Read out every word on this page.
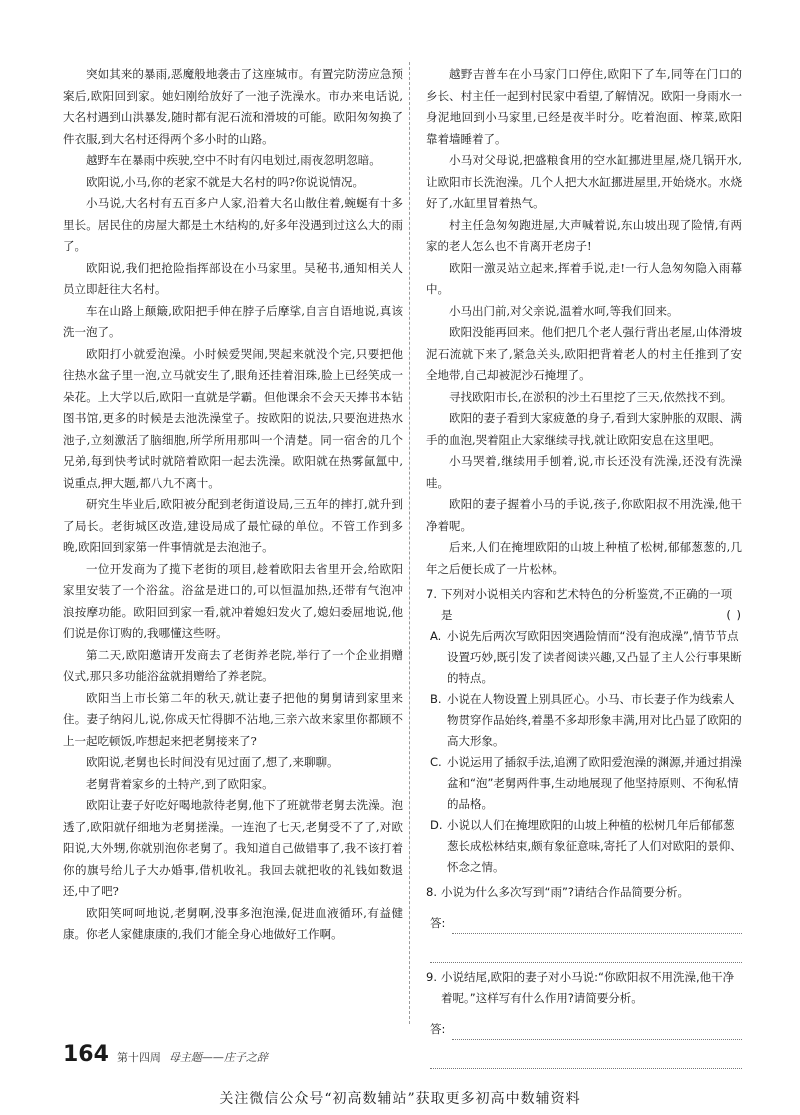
突如其来的暴雨,恶魔般地袭击了这座城市。有置完防涝应急预案后,欧阳回到家。她妇刚给放好了一池子洗澡水。市办来电话说,大名村遇到山洪暴发,随时都有泥石流和滑坡的可能。欧阳匆匆换了件衣服,到大名村还得两个多小时的山路。

越野车在暴雨中疾驶,空中不时有闪电划过,雨夜忽明忽暗。

欧阳说,小马,你的老家不就是大名村的吗?你说说情况。

小马说,大名村有五百多户人家,沿着大名山散住着,蜿蜒有十多里长。居民住的房屋大都是土木结构的,好多年没遇到过这么大的雨了。

欧阳说,我们把抢险指挥部设在小马家里。吴秘书,通知相关人员立即赶往大名村。

车在山路上颠簸,欧阳把手伸在脖子后摩挲,自言自语地说,真该洗一泡了。

欧阳打小就爱泡澡。小时候爱哭闹,哭起来就没个完,只要把他往热水盆子里一泡,立马就安生了,眼角还挂着泪珠,脸上已经笑成一朵花。上大学以后,欧阳一直就是学霸。但他课余不会天天捧书本钻图书馆,更多的时候是去池洗澡堂子。按欧阳的说法,只要泡进热水池子,立刻激活了脑细胞,所学所用那叫一个清楚。同一宿舍的几个兄弟,每到快考试时就陪着欧阳一起去洗澡。欧阳就在热雾氤氲中,说重点,押大题,都八九不离十。

研究生毕业后,欧阳被分配到老街道设局,三五年的摔打,就升到了局长。老街城区改造,建设局成了最忙碌的单位。不管工作到多晚,欧阳回到家第一件事情就是去泡池子。

一位开发商为了揽下老街的项目,趁着欧阳去省里开会,给欧阳家里安装了一个浴盆。浴盆是进口的,可以恒温加热,还带有气泡冲浪按摩功能。欧阳回到家一看,就冲着媳妇发火了,媳妇委屈地说,他们说是你订购的,我哪懂这些呀。

第二天,欧阳邀请开发商去了老街养老院,举行了一个企业捐赠仪式,那只多功能浴盆就捐赠给了养老院。

欧阳当上市长第二年的秋天,就让妻子把他的舅舅请到家里来住。妻子纳闷儿,说,你成天忙得脚不沾地,三亲六故来家里你都顾不上一起吃顿饭,咋想起来把老舅接来了?

欧阳说,老舅也长时间没有见过面了,想了,来聊聊。

老舅背着家乡的土特产,到了欧阳家。

欧阳让妻子好吃好喝地款待老舅,他下了班就带老舅去洗澡。泡透了,欧阳就仔细地为老舅搓澡。一连泡了七天,老舅受不了了,对欧阳说,大外甥,你就别泡你老舅了。我知道自己做错事了,我不该打着你的旗号给儿子大办婚事,借机收礼。我回去就把收的礼钱如数退还,中了吧?

欧阳笑呵呵地说,老舅啊,没事多泡泡澡,促进血液循环,有益健康。你老人家健康康的,我们才能全身心地做好工作啊。

越野吉普车在小马家门口停住,欧阳下了车,同等在门口的乡长、村主任一起到村民家中看望,了解情况。欧阳一身雨水一身泥地回到小马家里,已经是夜半时分。吃着泡面、榨菜,欧阳靠着墙睡着了。

小马对父母说,把盛粮食用的空水缸挪进里屋,烧几锅开水,让欧阳市长洗泡澡。几个人把大水缸挪进屋里,开始烧水。水烧好了,水缸里冒着热气。

村主任急匆匆跑进屋,大声喊着说,东山坡出现了险情,有两家的老人怎么也不肯离开老房子!

欧阳一激灵站立起来,挥着手说,走!一行人急匆匆隐入雨幕中。

小马出门前,对父亲说,温着水呵,等我们回来。

欧阳没能再回来。他们把几个老人强行背出老屋,山体滑坡泥石流就下来了,紧急关头,欧阳把背着老人的村主任推到了安全地带,自己却被泥沙石掩埋了。

寻找欧阳市长,在淤积的沙土石里挖了三天,依然找不到。

欧阳的妻子看到大家疲惫的身子,看到大家肿胀的双眼、满手的血泡,哭着阻止大家继续寻找,就让欧阳安息在这里吧。

小马哭着,继续用手刨着,说,市长还没有洗澡,还没有洗澡哇。

欧阳的妻子握着小马的手说,孩子,你欧阳叔不用洗澡,他干净着呢。

后来,人们在掩埋欧阳的山坡上种植了松树,郁郁葱葱的,几年之后便长成了一片松林。

7. 下列对小说相关内容和艺术特色的分析鉴赏,不正确的一项是	( )
A. 小说先后两次写欧阳因突遇险情而“没有泡成澡”,情节节点设置巧妙,既引发了读者阅读兴趣,又凸显了主人公行事果断的特点。
B. 小说在人物设置上别具匠心。小马、市长妻子作为线索人物贯穿作品始终,着墨不多却形象丰满,用对比凸显了欧阳的高大形象。
C. 小说运用了插叙手法,追溯了欧阳爱泡澡的渊源,并通过捐澡盆和“泡”老舅两件事,生动地展现了他坚持原则、不徇私情的品格。
D. 小说以人们在掩埋欧阳的山坡上种植的松树几年后郁郁葱葱长成松林结束,颇有象征意味,寄托了人们对欧阳的景仰、怀念之情。
8. 小说为什么多次写到“雨”?请结合作品简要分析。
答:
9. 小说结尾,欧阳的妻子对小马说:“你欧阳叔不用洗澡,他干净着呢。”这样写有什么作用?请简要分析。
答:
164 第十四周 母主题——庄子之辞
关注微信公众号“初高数辅站”获取更多初高中数辅资料
